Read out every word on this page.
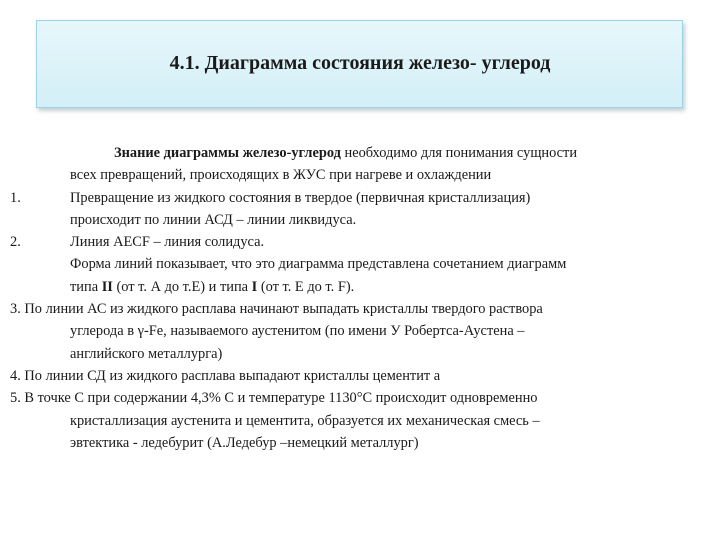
4.1. Диаграмма состояния железо- углерод
Знание диаграммы железо-углерод необходимо для понимания сущности
всех превращений, происходящих в ЖУС при нагреве и охлаждении
1.	Превращение из жидкого состояния в твердое (первичная кристаллизация)
происходит по линии АСД – линии ликвидуса.
2.	Линия AECF – линия солидуса.
Форма линий показывает, что это диаграмма представлена сочетанием диаграмм
типа II (от т. А до т.Е) и типа I (от т. Е до т. F).
3. По линии АС из жидкого расплава начинают выпадать кристаллы твердого раствора
углерода в γ-Fe, называемого аустенитом (по имени У Робертса-Аустена –
английского металлурга)
4. По линии СД из жидкого расплава выпадают кристаллы цементит а
5. В точке С при содержании 4,3% С и температуре 1130°С происходит одновременно
кристаллизация аустенита и цементита, образуется их механическая смесь –
эвтектика - ледебурит (А.Ледебур –немецкий металлург)
